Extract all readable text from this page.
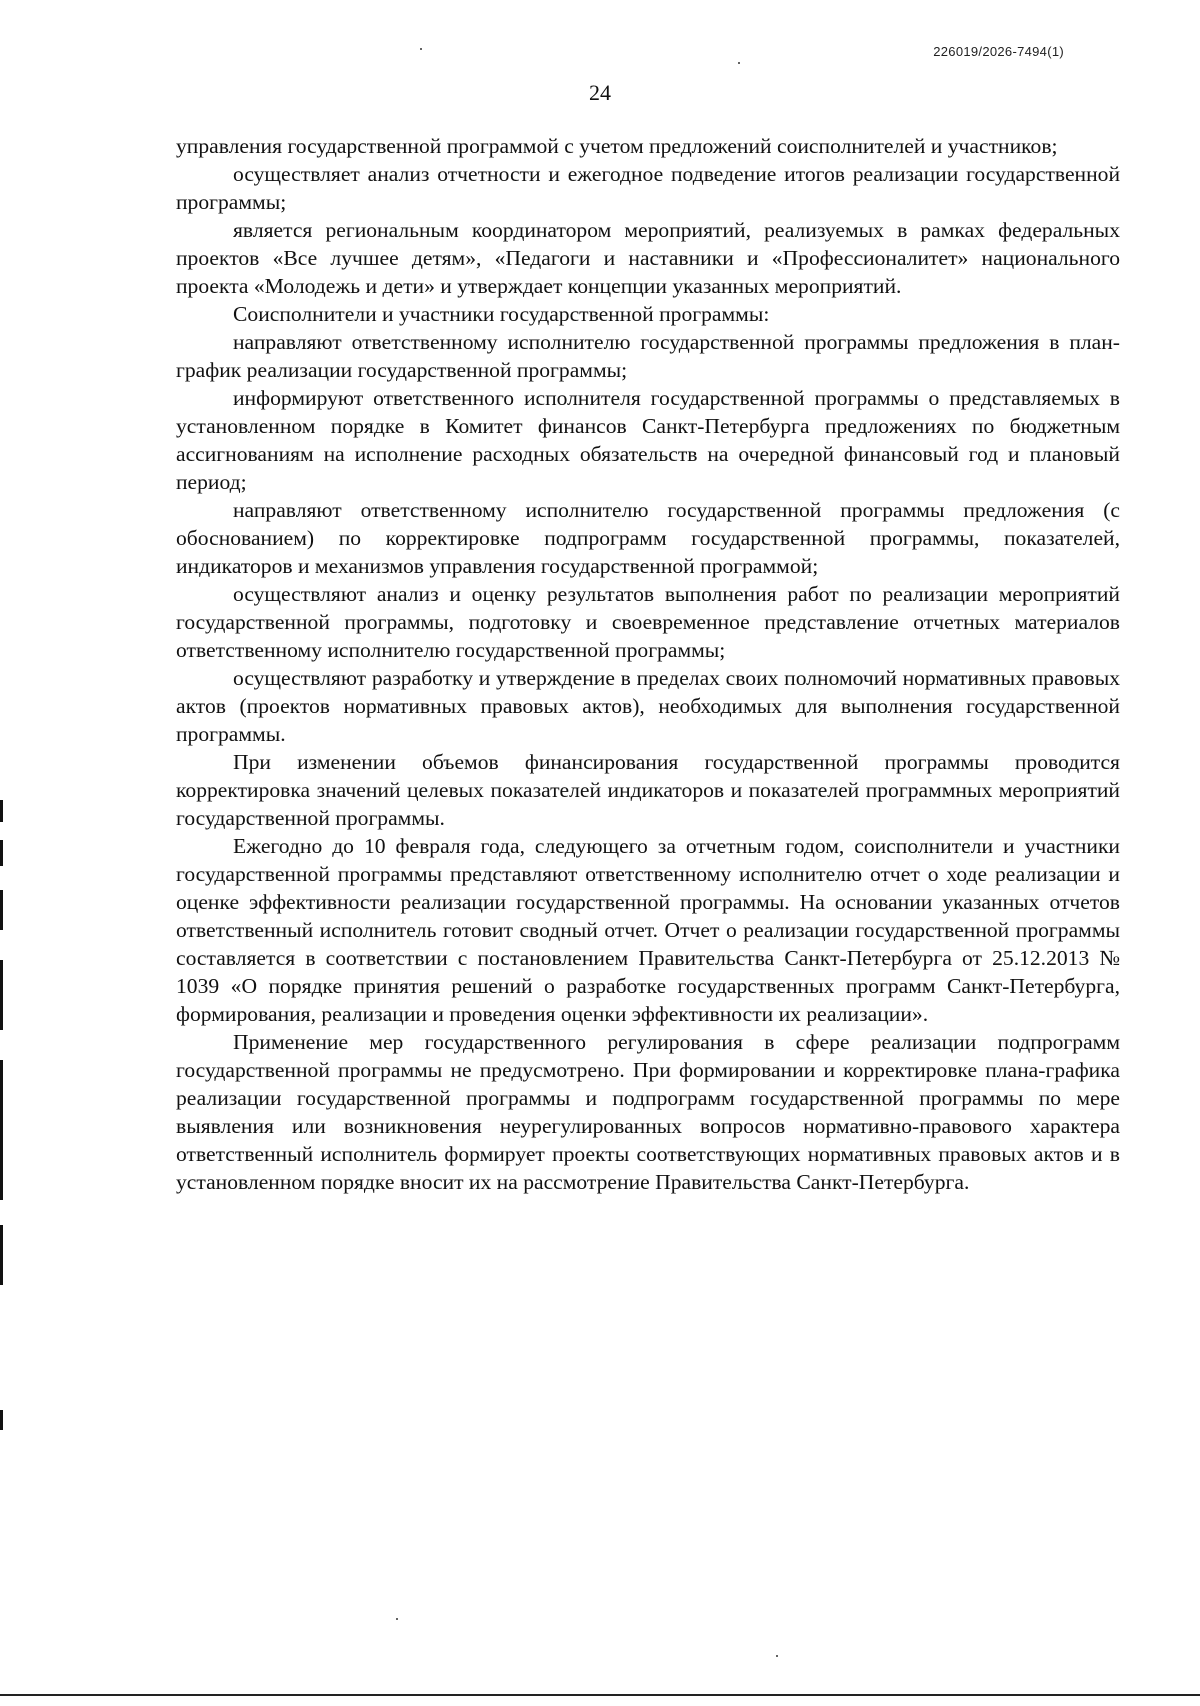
226019/2026-7494(1)
24

управления государственной программой с учетом предложений соисполнителей и участников;

осуществляет анализ отчетности и ежегодное подведение итогов реализации государственной программы;

является региональным координатором мероприятий, реализуемых в рамках федеральных проектов «Все лучшее детям», «Педагоги и наставники и «Профессионалитет» национального проекта «Молодежь и дети» и утверждает концепции указанных мероприятий.

Соисполнители и участники государственной программы:

направляют ответственному исполнителю государственной программы предложения в план-график реализации государственной программы;

информируют ответственного исполнителя государственной программы о представляемых в установленном порядке в Комитет финансов Санкт-Петербурга предложениях по бюджетным ассигнованиям на исполнение расходных обязательств на очередной финансовый год и плановый период;

направляют ответственному исполнителю государственной программы предложения (с обоснованием) по корректировке подпрограмм государственной программы, показателей, индикаторов и механизмов управления государственной программой;

осуществляют анализ и оценку результатов выполнения работ по реализации мероприятий государственной программы, подготовку и своевременное представление отчетных материалов ответственному исполнителю государственной программы;

осуществляют разработку и утверждение в пределах своих полномочий нормативных правовых актов (проектов нормативных правовых актов), необходимых для выполнения государственной программы.

При изменении объемов финансирования государственной программы проводится корректировка значений целевых показателей индикаторов и показателей программных мероприятий государственной программы.

Ежегодно до 10 февраля года, следующего за отчетным годом, соисполнители и участники государственной программы представляют ответственному исполнителю отчет о ходе реализации и оценке эффективности реализации государственной программы. На основании указанных отчетов ответственный исполнитель готовит сводный отчет. Отчет о реализации государственной программы составляется в соответствии с постановлением Правительства Санкт-Петербурга от 25.12.2013 № 1039 «О порядке принятия решений о разработке государственных программ Санкт-Петербурга, формирования, реализации и проведения оценки эффективности их реализации».

Применение мер государственного регулирования в сфере реализации подпрограмм государственной программы не предусмотрено. При формировании и корректировке плана-графика реализации государственной программы и подпрограмм государственной программы по мере выявления или возникновения неурегулированных вопросов нормативно-правового характера ответственный исполнитель формирует проекты соответствующих нормативных правовых актов и в установленном порядке вносит их на рассмотрение Правительства Санкт-Петербурга.
